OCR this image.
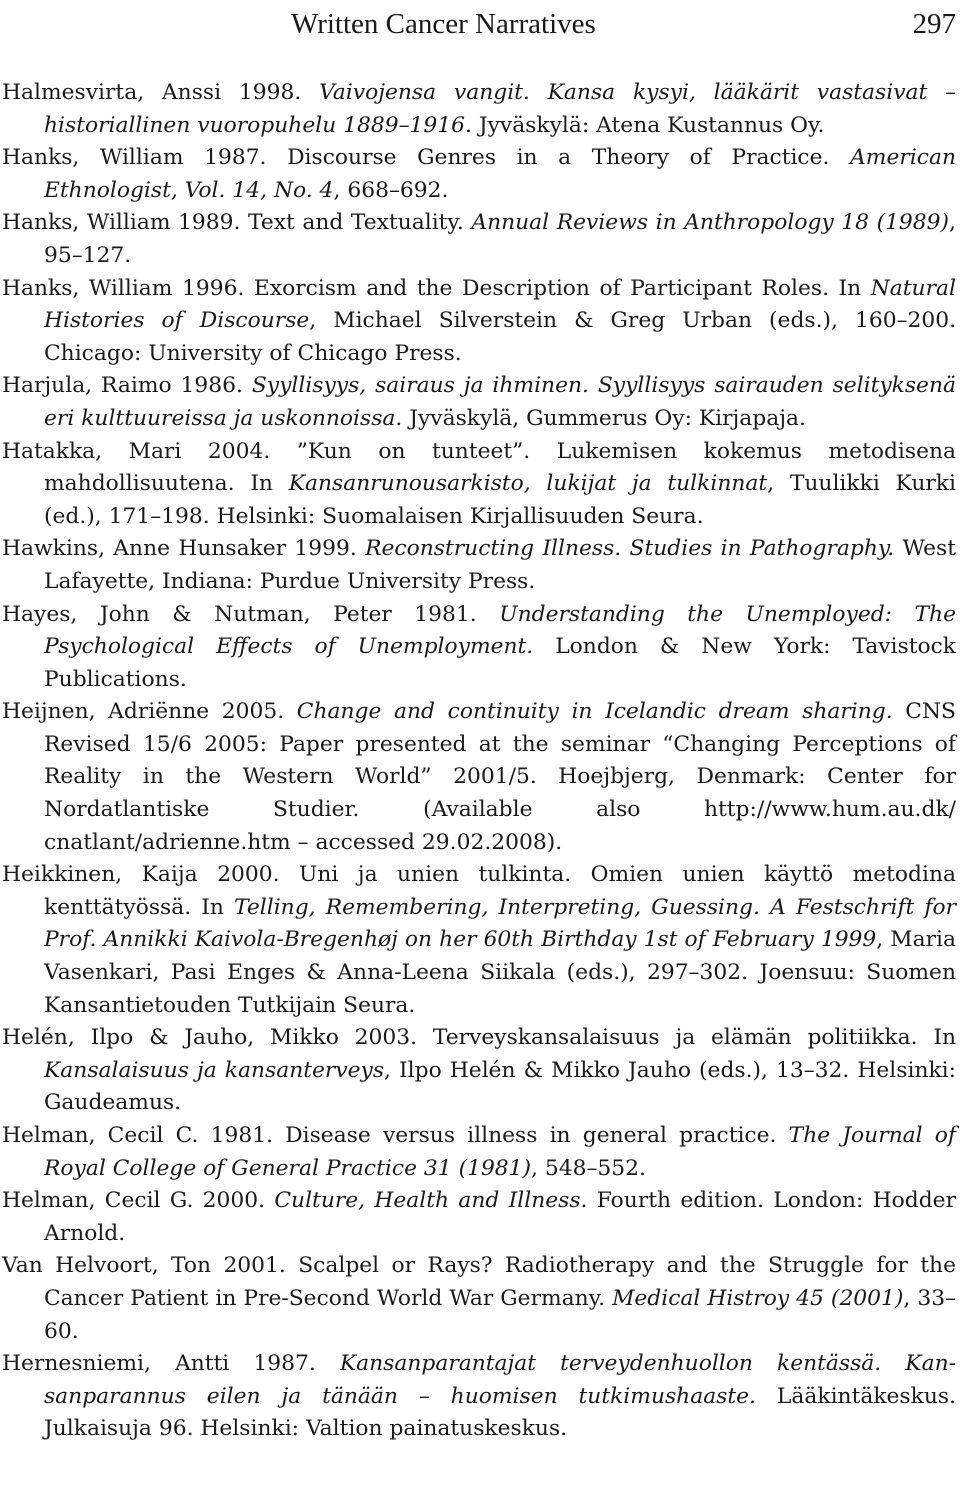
Written Cancer Narratives	297

Halmesvirta, Anssi 1998. Vaivojensa vangit. Kansa kysyi, lääkärit vastasivat – historiallinen vuoropuhelu 1889–1916. Jyväskylä: Atena Kustannus Oy.

Hanks, William 1987. Discourse Genres in a Theory of Practice. American Ethnologist, Vol. 14, No. 4, 668–692.

Hanks, William 1989. Text and Textuality. Annual Reviews in Anthropology 18 (1989), 95–127.

Hanks, William 1996. Exorcism and the Description of Participant Roles. In Natural Histories of Discourse, Michael Silverstein & Greg Urban (eds.), 160–200. Chicago: University of Chicago Press.

Harjula, Raimo 1986. Syyllisyys, sairaus ja ihminen. Syyllisyys sairauden selityksenä eri kulttuureissa ja uskonnoissa. Jyväskylä, Gummerus Oy: Kirjapaja.

Hatakka, Mari 2004. ”Kun on tunteet”. Lukemisen kokemus metodisena mahdollisuutena. In Kansanrunousarkisto, lukijat ja tulkinnat, Tuulikki Kurki (ed.), 171–198. Helsinki: Suomalaisen Kirjallisuuden Seura.

Hawkins, Anne Hunsaker 1999. Reconstructing Illness. Studies in Pathography. West Lafayette, Indiana: Purdue University Press.

Hayes, John & Nutman, Peter 1981. Understanding the Unemployed: The Psychological Effects of Unemployment. London & New York: Tavistock Publications.

Heijnen, Adriënne 2005. Change and continuity in Icelandic dream sharing. CNS Revised 15/6 2005: Paper presented at the seminar “Changing Perceptions of Reality in the Western World” 2001/5. Hoejbjerg, Denmark: Center for Nordatlantiske Studier. (Available also http://www.hum.au.dk/ cnatlant/adrienne.htm – accessed 29.02.2008).

Heikkinen, Kaija 2000. Uni ja unien tulkinta. Omien unien käyttö metodina kenttätyössä. In Telling, Remembering, Interpreting, Guessing. A Festschrift for Prof. Annikki Kaivola-Bregenhøj on her 60th Birthday 1st of February 1999, Maria Vasenkari, Pasi Enges & Anna-Leena Siikala (eds.), 297–302. Joensuu: Suomen Kansantietouden Tutkijain Seura.

Helén, Ilpo & Jauho, Mikko 2003. Terveyskansalaisuus ja elämän politiikka. In Kansalaisuus ja kansanterveys, Ilpo Helén & Mikko Jauho (eds.), 13–32. Helsinki: Gaudeamus.

Helman, Cecil C. 1981. Disease versus illness in general practice. The Journal of Royal College of General Practice 31 (1981), 548–552.

Helman, Cecil G. 2000. Culture, Health and Illness. Fourth edition. London: Hodder Arnold.

Van Helvoort, Ton 2001. Scalpel or Rays? Radiotherapy and the Struggle for the Cancer Patient in Pre-Second World War Germany. Medical Histroy 45 (2001), 33–60.

Hernesniemi, Antti 1987. Kansanparantajat terveydenhuollon kentässä. Kansanparannus eilen ja tänään – huomisen tutkimushaaste. Lääkintäkeskus. Julkaisuja 96. Helsinki: Valtion painatuskeskus.
